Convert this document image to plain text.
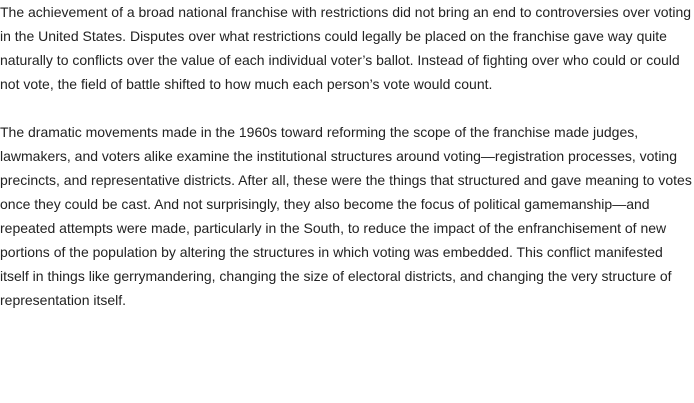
The achievement of a broad national franchise with restrictions did not bring an end to controversies over voting
in the United States. Disputes over what restrictions could legally be placed on the franchise gave way quite
naturally to conflicts over the value of each individual voter’s ballot. Instead of fighting over who could or could
not vote, the field of battle shifted to how much each person’s vote would count.

The dramatic movements made in the 1960s toward reforming the scope of the franchise made judges,
lawmakers, and voters alike examine the institutional structures around voting—registration processes, voting
precincts, and representative districts. After all, these were the things that structured and gave meaning to votes
once they could be cast. And not surprisingly, they also become the focus of political gamemanship—and
repeated attempts were made, particularly in the South, to reduce the impact of the enfranchisement of new
portions of the population by altering the structures in which voting was embedded. This conflict manifested
itself in things like gerrymandering, changing the size of electoral districts, and changing the very structure of
representation itself.
